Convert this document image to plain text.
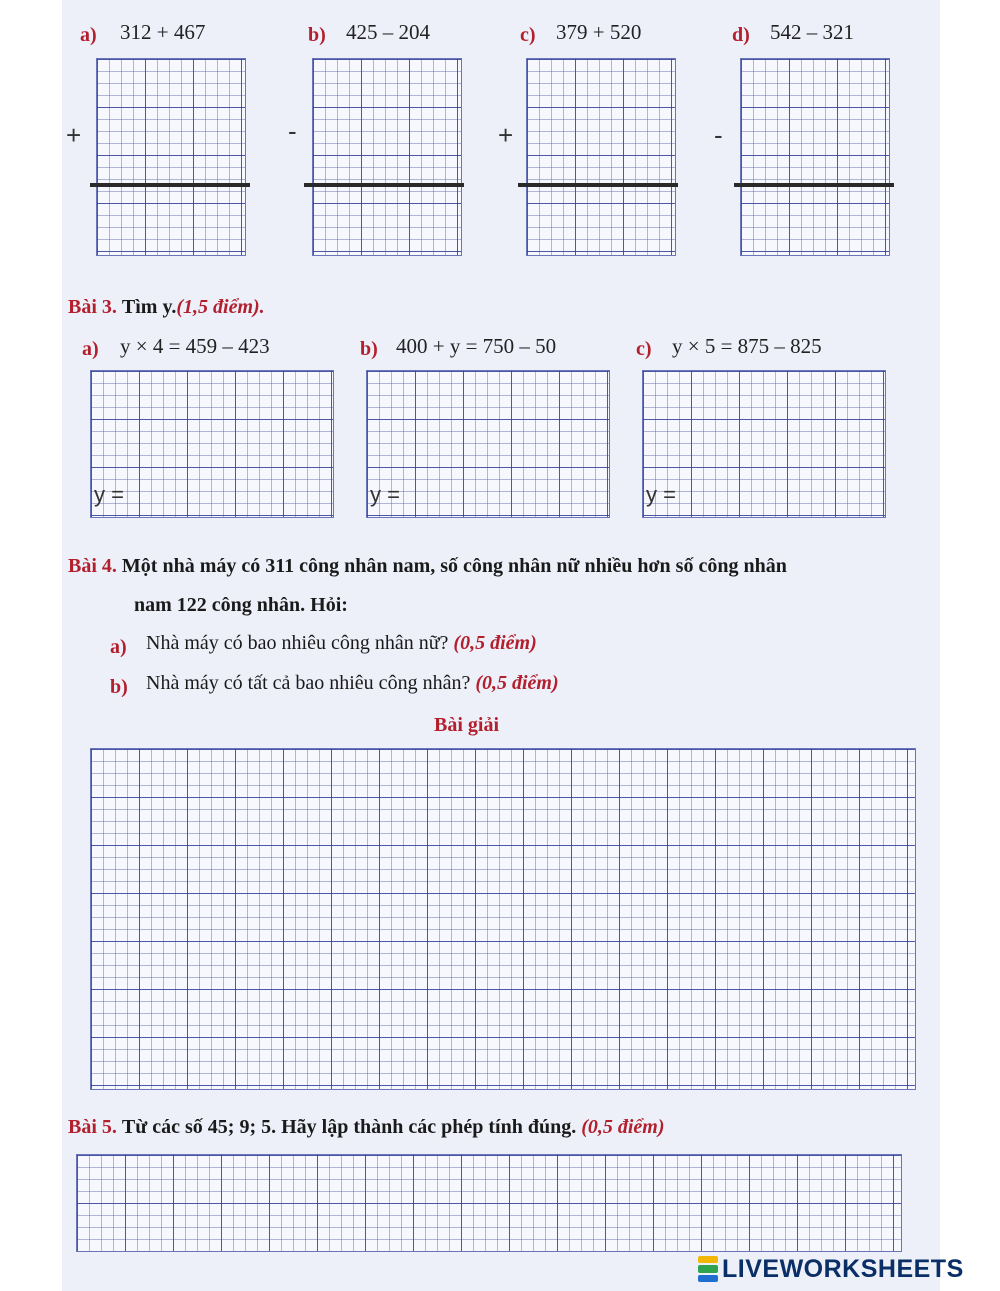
a) 312 + 467	b) 425 – 204	c) 379 + 520	d) 542 – 321
+	-	+	-
Bài 3. Tìm y.(1,5 điểm).
a) y × 4 = 459 – 423	b) 400 + y = 750 – 50	c) y × 5 = 875 – 825
y =	y =	y =
Bài 4. Một nhà máy có 311 công nhân nam, số công nhân nữ nhiều hơn số công nhân
nam 122 công nhân. Hỏi:
a) Nhà máy có bao nhiêu công nhân nữ? (0,5 điểm)
b) Nhà máy có tất cả bao nhiêu công nhân? (0,5 điểm)
Bài giải
Bài 5. Từ các số 45; 9; 5. Hãy lập thành các phép tính đúng. (0,5 điểm)
LIVEWORKSHEETS
